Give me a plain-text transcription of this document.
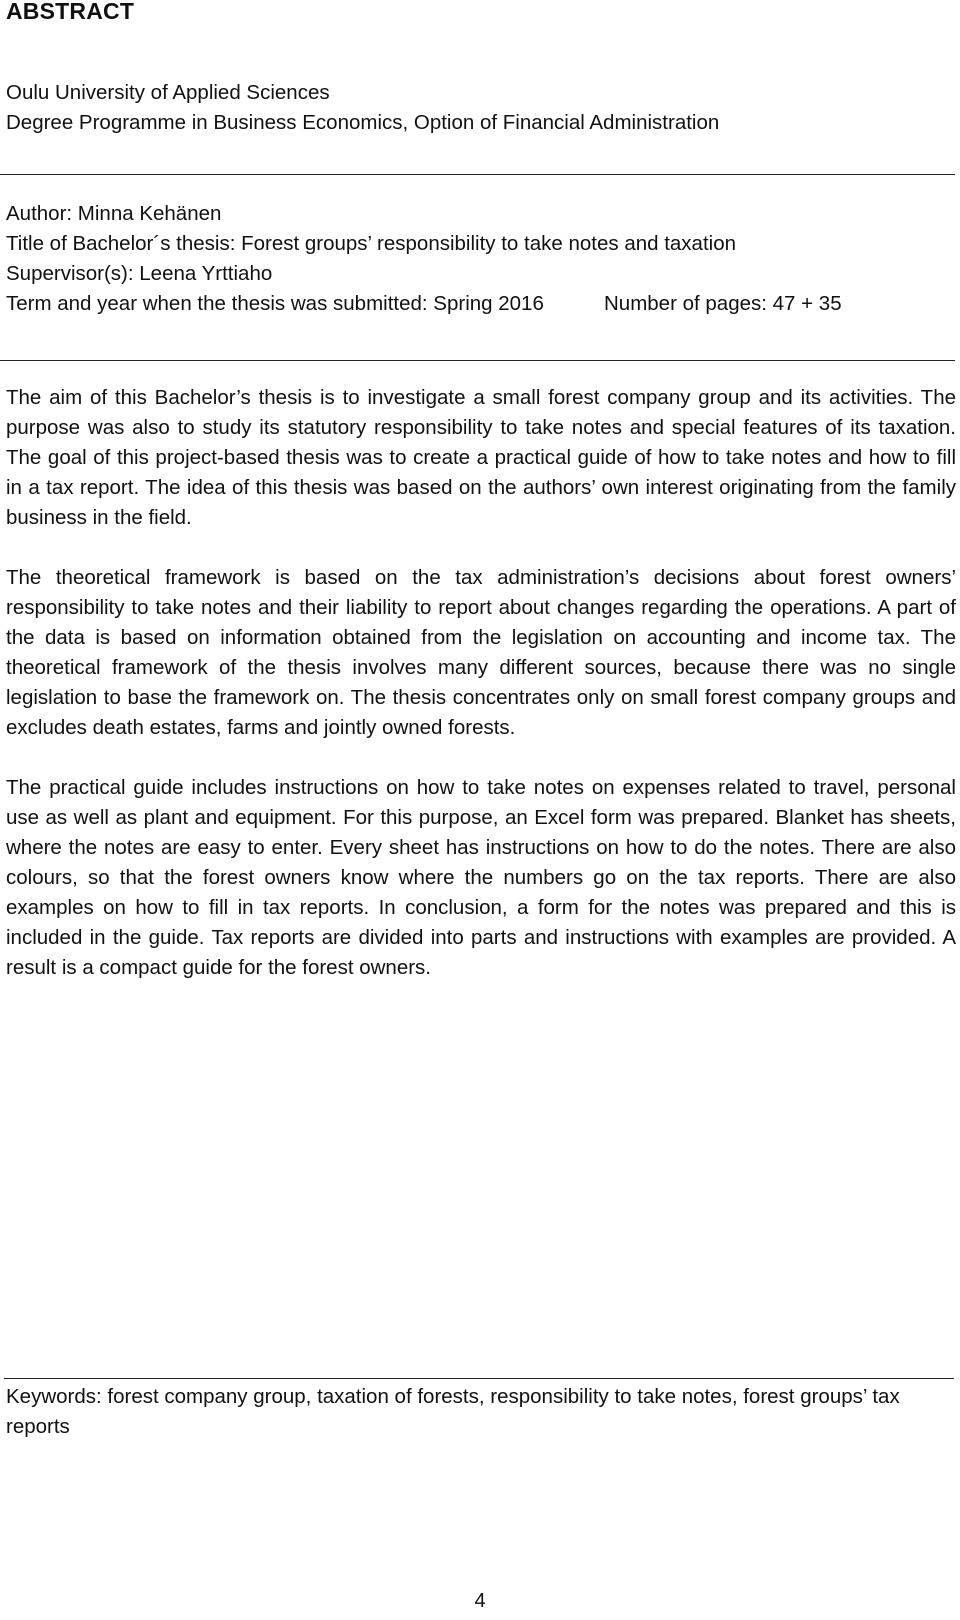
ABSTRACT
Oulu University of Applied Sciences
Degree Programme in Business Economics, Option of Financial Administration
Author: Minna Kehänen
Title of Bachelor´s thesis: Forest groups’ responsibility to take notes and taxation
Supervisor(s): Leena Yrttiaho
Term and year when the thesis was submitted: Spring 2016	Number of pages: 47 + 35

The aim of this Bachelor’s thesis is to investigate a small forest company group and its activities. The purpose was also to study its statutory responsibility to take notes and special features of its taxation. The goal of this project-based thesis was to create a practical guide of how to take notes and how to fill in a tax report. The idea of this thesis was based on the authors’ own interest originating from the family business in the field.

The theoretical framework is based on the tax administration’s decisions about forest owners’ responsibility to take notes and their liability to report about changes regarding the operations. A part of the data is based on information obtained from the legislation on accounting and income tax. The theoretical framework of the thesis involves many different sources, because there was no single legislation to base the framework on. The thesis concentrates only on small forest company groups and excludes death estates, farms and jointly owned forests.

The practical guide includes instructions on how to take notes on expenses related to travel, personal use as well as plant and equipment. For this purpose, an Excel form was prepared. Blanket has sheets, where the notes are easy to enter. Every sheet has instructions on how to do the notes. There are also colours, so that the forest owners know where the numbers go on the tax reports. There are also examples on how to fill in tax reports. In conclusion, a form for the notes was prepared and this is included in the guide. Tax reports are divided into parts and instructions with examples are provided. A result is a compact guide for the forest owners.

Keywords: forest company group, taxation of forests, responsibility to take notes, forest groups’ tax reports
4
